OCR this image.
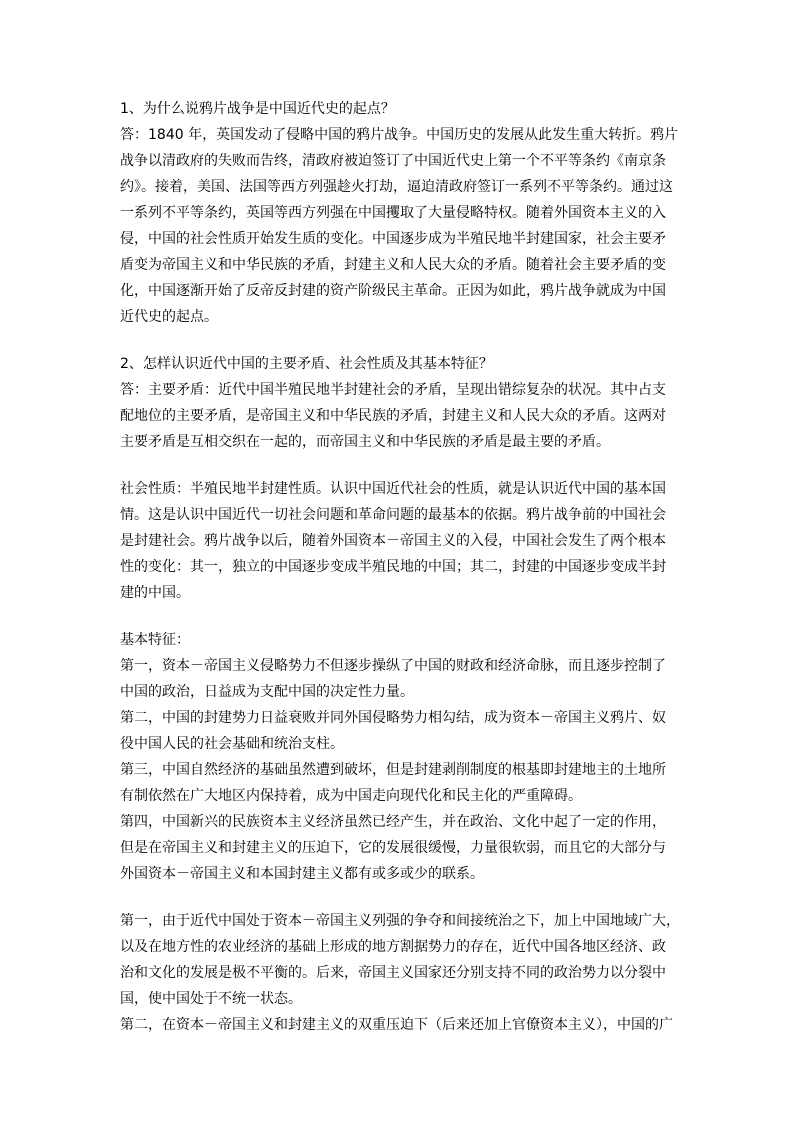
1、为什么说鸦片战争是中国近代史的起点？
答：1840 年，英国发动了侵略中国的鸦片战争。中国历史的发展从此发生重大转折。鸦片
战争以清政府的失败而告终，清政府被迫签订了中国近代史上第一个不平等条约《南京条
约》。接着，美国、法国等西方列强趁火打劫，逼迫清政府签订一系列不平等条约。通过这
一系列不平等条约，英国等西方列强在中国攫取了大量侵略特权。随着外国资本主义的入
侵，中国的社会性质开始发生质的变化。中国逐步成为半殖民地半封建国家，社会主要矛
盾变为帝国主义和中华民族的矛盾，封建主义和人民大众的矛盾。随着社会主要矛盾的变
化，中国逐渐开始了反帝反封建的资产阶级民主革命。正因为如此，鸦片战争就成为中国
近代史的起点。
2、怎样认识近代中国的主要矛盾、社会性质及其基本特征？
答：主要矛盾：近代中国半殖民地半封建社会的矛盾，呈现出错综复杂的状况。其中占支
配地位的主要矛盾，是帝国主义和中华民族的矛盾，封建主义和人民大众的矛盾。这两对
主要矛盾是互相交织在一起的，而帝国主义和中华民族的矛盾是最主要的矛盾。
社会性质：半殖民地半封建性质。认识中国近代社会的性质，就是认识近代中国的基本国
情。这是认识中国近代一切社会问题和革命问题的最基本的依据。鸦片战争前的中国社会
是封建社会。鸦片战争以后，随着外国资本－帝国主义的入侵，中国社会发生了两个根本
性的变化：其一，独立的中国逐步变成半殖民地的中国；其二，封建的中国逐步变成半封
建的中国。
基本特征：
第一，资本－帝国主义侵略势力不但逐步操纵了中国的财政和经济命脉，而且逐步控制了
中国的政治，日益成为支配中国的决定性力量。
第二，中国的封建势力日益衰败并同外国侵略势力相勾结，成为资本－帝国主义鸦片、奴
役中国人民的社会基础和统治支柱。
第三，中国自然经济的基础虽然遭到破坏，但是封建剥削制度的根基即封建地主的土地所
有制依然在广大地区内保持着，成为中国走向现代化和民主化的严重障碍。
第四，中国新兴的民族资本主义经济虽然已经产生，并在政治、文化中起了一定的作用，
但是在帝国主义和封建主义的压迫下，它的发展很缓慢，力量很软弱，而且它的大部分与
外国资本－帝国主义和本国封建主义都有或多或少的联系。
第一，由于近代中国处于资本－帝国主义列强的争夺和间接统治之下，加上中国地域广大，
以及在地方性的农业经济的基础上形成的地方割据势力的存在，近代中国各地区经济、政
治和文化的发展是极不平衡的。后来，帝国主义国家还分别支持不同的政治势力以分裂中
国，使中国处于不统一状态。
第二，在资本－帝国主义和封建主义的双重压迫下（后来还加上官僚资本主义），中国的广
